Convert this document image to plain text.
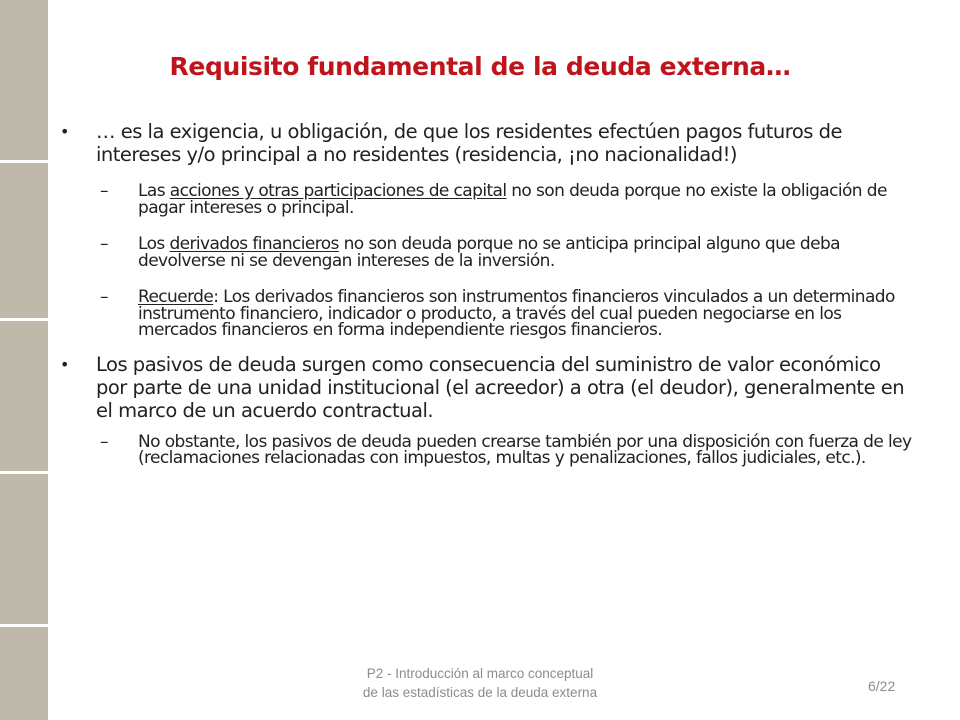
Requisito fundamental de la deuda externa…
• … es la exigencia, u obligación, de que los residentes efectúen pagos futuros de intereses y/o principal a no residentes (residencia, ¡no nacionalidad!)
– Las acciones y otras participaciones de capital no son deuda porque no existe la obligación de pagar intereses o principal.
– Los derivados financieros no son deuda porque no se anticipa principal alguno que deba devolverse ni se devengan intereses de la inversión.
– Recuerde: Los derivados financieros son instrumentos financieros vinculados a un determinado instrumento financiero, indicador o producto, a través del cual pueden negociarse en los mercados financieros en forma independiente riesgos financieros.
• Los pasivos de deuda surgen como consecuencia del suministro de valor económico por parte de una unidad institucional (el acreedor) a otra (el deudor), generalmente en el marco de un acuerdo contractual.
– No obstante, los pasivos de deuda pueden crearse también por una disposición con fuerza de ley (reclamaciones relacionadas con impuestos, multas y penalizaciones, fallos judiciales, etc.).
P2 - Introducción al marco conceptual
de las estadísticas de la deuda externa	6/22
